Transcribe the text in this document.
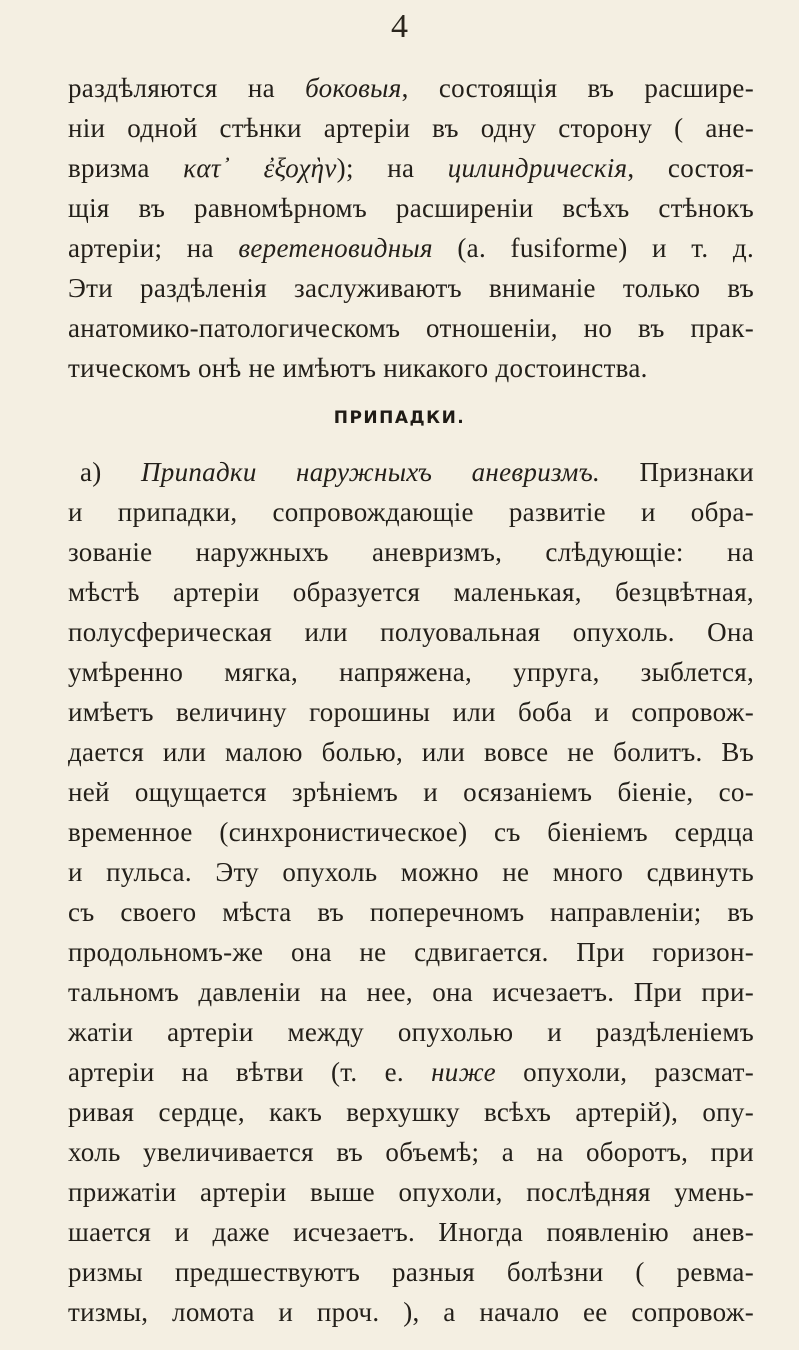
4
раздѣляются на боковыя, состоящія въ расшире-
ніи одной стѣнки артеріи въ одну сторону ( ане-
вризма κατ᾽ ἐξοχὴν); на цилиндрическія, состоя-
щія въ равномѣрномъ расширеніи всѣхъ стѣнокъ
артеріи; на веретеновидныя (а. fusiforme) и т. д.
Эти раздѣленія заслуживаютъ вниманіе только въ
анатомико-патологическомъ отношеніи, но въ прак-
тическомъ онѣ не имѣютъ никакого достоинства.
ПРИПАДКИ.
а) Припадки наружныхъ аневризмъ. Признаки
и припадки, сопровождающіе развитіе и обра-
зованіе наружныхъ аневризмъ, слѣдующіе: на
мѣстѣ артеріи образуется маленькая, безцвѣтная,
полусферическая или полуовальная опухоль. Она
умѣренно мягка, напряжена, упруга, зыблется,
имѣетъ величину горошины или боба и сопровож-
дается или малою болью, или вовсе не болитъ. Въ
ней ощущается зрѣніемъ и осязаніемъ біеніе, со-
временное (синхронистическое) съ біеніемъ сердца
и пульса. Эту опухоль можно не много сдвинуть
съ своего мѣста въ поперечномъ направленіи; въ
продольномъ-же она не сдвигается. При горизон-
тальномъ давленіи на нее, она исчезаетъ. При при-
жатіи артеріи между опухолью и раздѣленіемъ
артеріи на вѣтви (т. е. ниже опухоли, разсмат-
ривая сердце, какъ верхушку всѣхъ артерій), опу-
холь увеличивается въ объемѣ; а на оборотъ, при
прижатіи артеріи выше опухоли, послѣдняя умень-
шается и даже исчезаетъ. Иногда появленію анев-
ризмы предшествуютъ разныя болѣзни ( ревма-
тизмы, ломота и проч. ), а начало ее сопровож-
